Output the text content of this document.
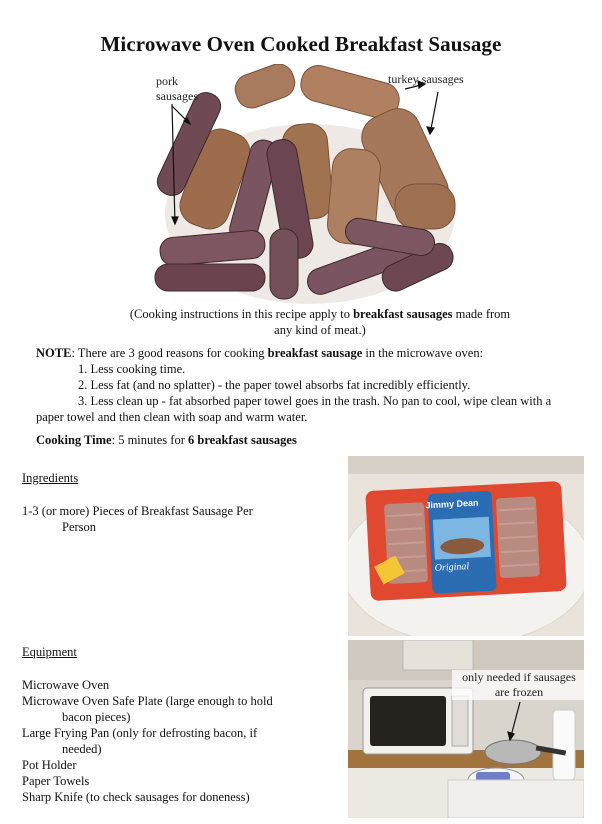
Microwave Oven Cooked Breakfast Sausage
pork
sausages
turkey sausages
(Cooking instructions in this recipe apply to breakfast sausages made from any kind of meat.)

NOTE: There are 3 good reasons for cooking breakfast sausage in the microwave oven:

1. Less cooking time.

2. Less fat (and no splatter) - the paper towel absorbs fat incredibly efficiently.

3. Less clean up - fat absorbed paper towel goes in the trash. No pan to cool, wipe clean with a

paper towel and then clean with soap and warm water.

Cooking Time: 5 minutes for 6 breakfast sausages
Ingredients
1-3 (or more) Pieces of Breakfast Sausage Per
Person
Jimmy Dean
Original
Equipment
Microwave Oven
Microwave Oven Safe Plate (large enough to hold
bacon pieces)
Large Frying Pan (only for defrosting bacon, if
needed)
Pot Holder
Paper Towels
Sharp Knife (to check sausages for doneness)
only needed if sausages
are frozen
